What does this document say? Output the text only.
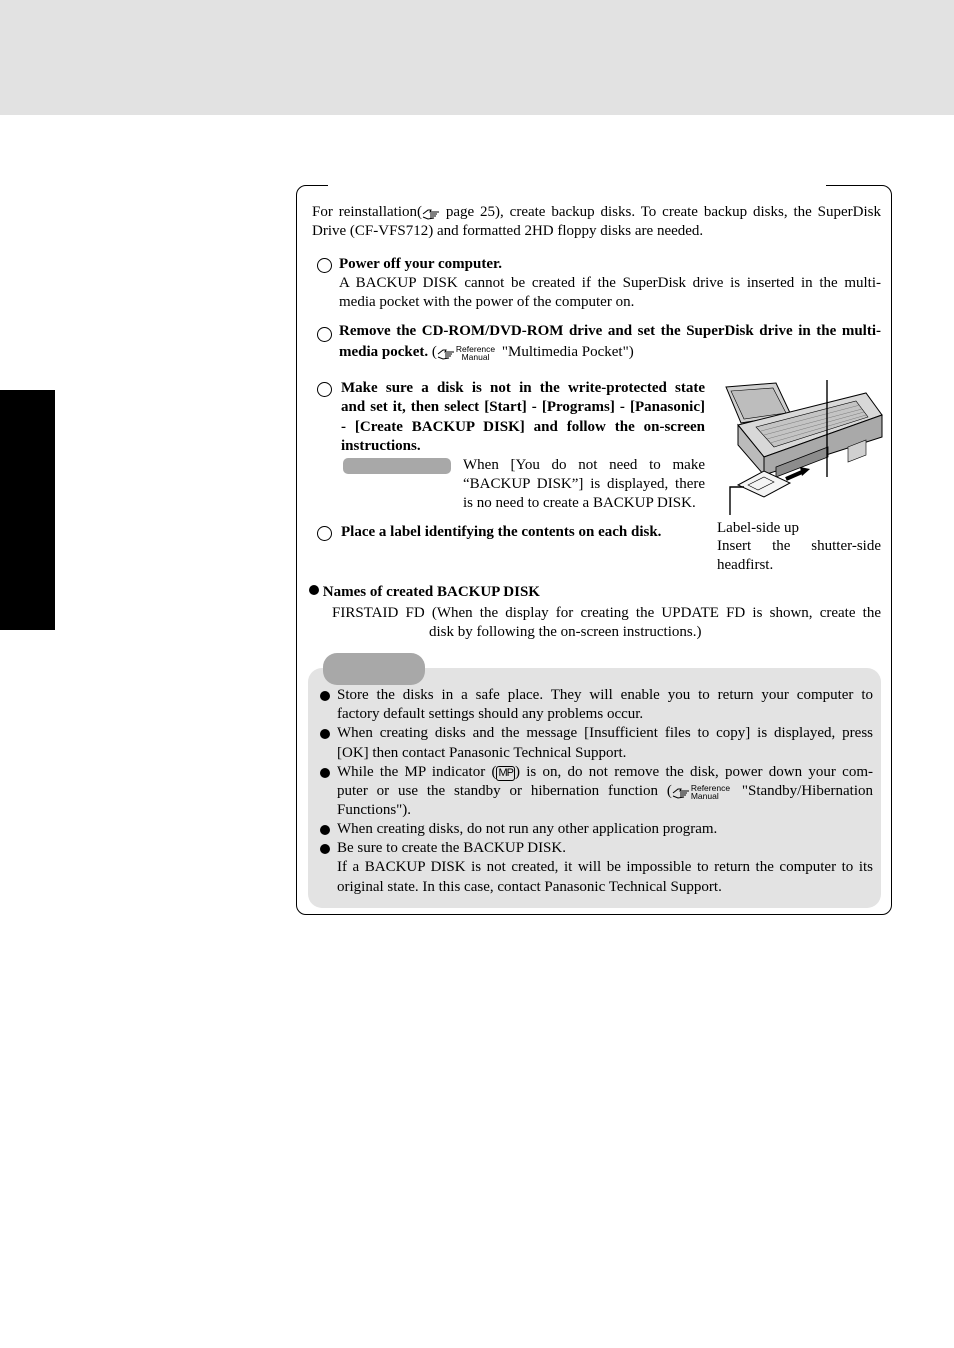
For reinstallation( page 25), create backup disks. To create backup disks, the SuperDisk
Drive (CF-VFS712) and formatted 2HD floppy disks are needed.
Power off your computer.
A BACKUP DISK cannot be created if the SuperDisk drive is inserted in the multi-
media pocket with the power of the computer on.
Remove the CD-ROM/DVD-ROM drive and set the SuperDisk drive in the multi-
media pocket. ( Reference
Manual "Multimedia Pocket")
Make sure a disk is not in the write-protected state
and set it, then select [Start] - [Programs] - [Panasonic]
- [Create BACKUP DISK] and follow the on-screen
instructions.
When [You do not need to make
“BACKUP DISK”] is displayed, there
is no need to create a BACKUP DISK.
Place a label identifying the contents on each disk.	Label-side up
Insert the shutter-side
headfirst.
Names of created BACKUP DISK
FIRSTAID FD (When the display for creating the UPDATE FD is shown, create the
disk by following the on-screen instructions.)
Store the disks in a safe place. They will enable you to return your computer to
factory default settings should any problems occur.
When creating disks and the message [Insufficient files to copy] is displayed, press
[OK] then contact Panasonic Technical Support.
While the MP indicator ( MP ) is on, do not remove the disk, power down your com-
puter or use the standby or hibernation function ( Reference
Manual "Standby/Hibernation
Functions").
When creating disks, do not run any other application program.
Be sure to create the BACKUP DISK.
If a BACKUP DISK is not created, it will be impossible to return the computer to its
original state. In this case, contact Panasonic Technical Support.
